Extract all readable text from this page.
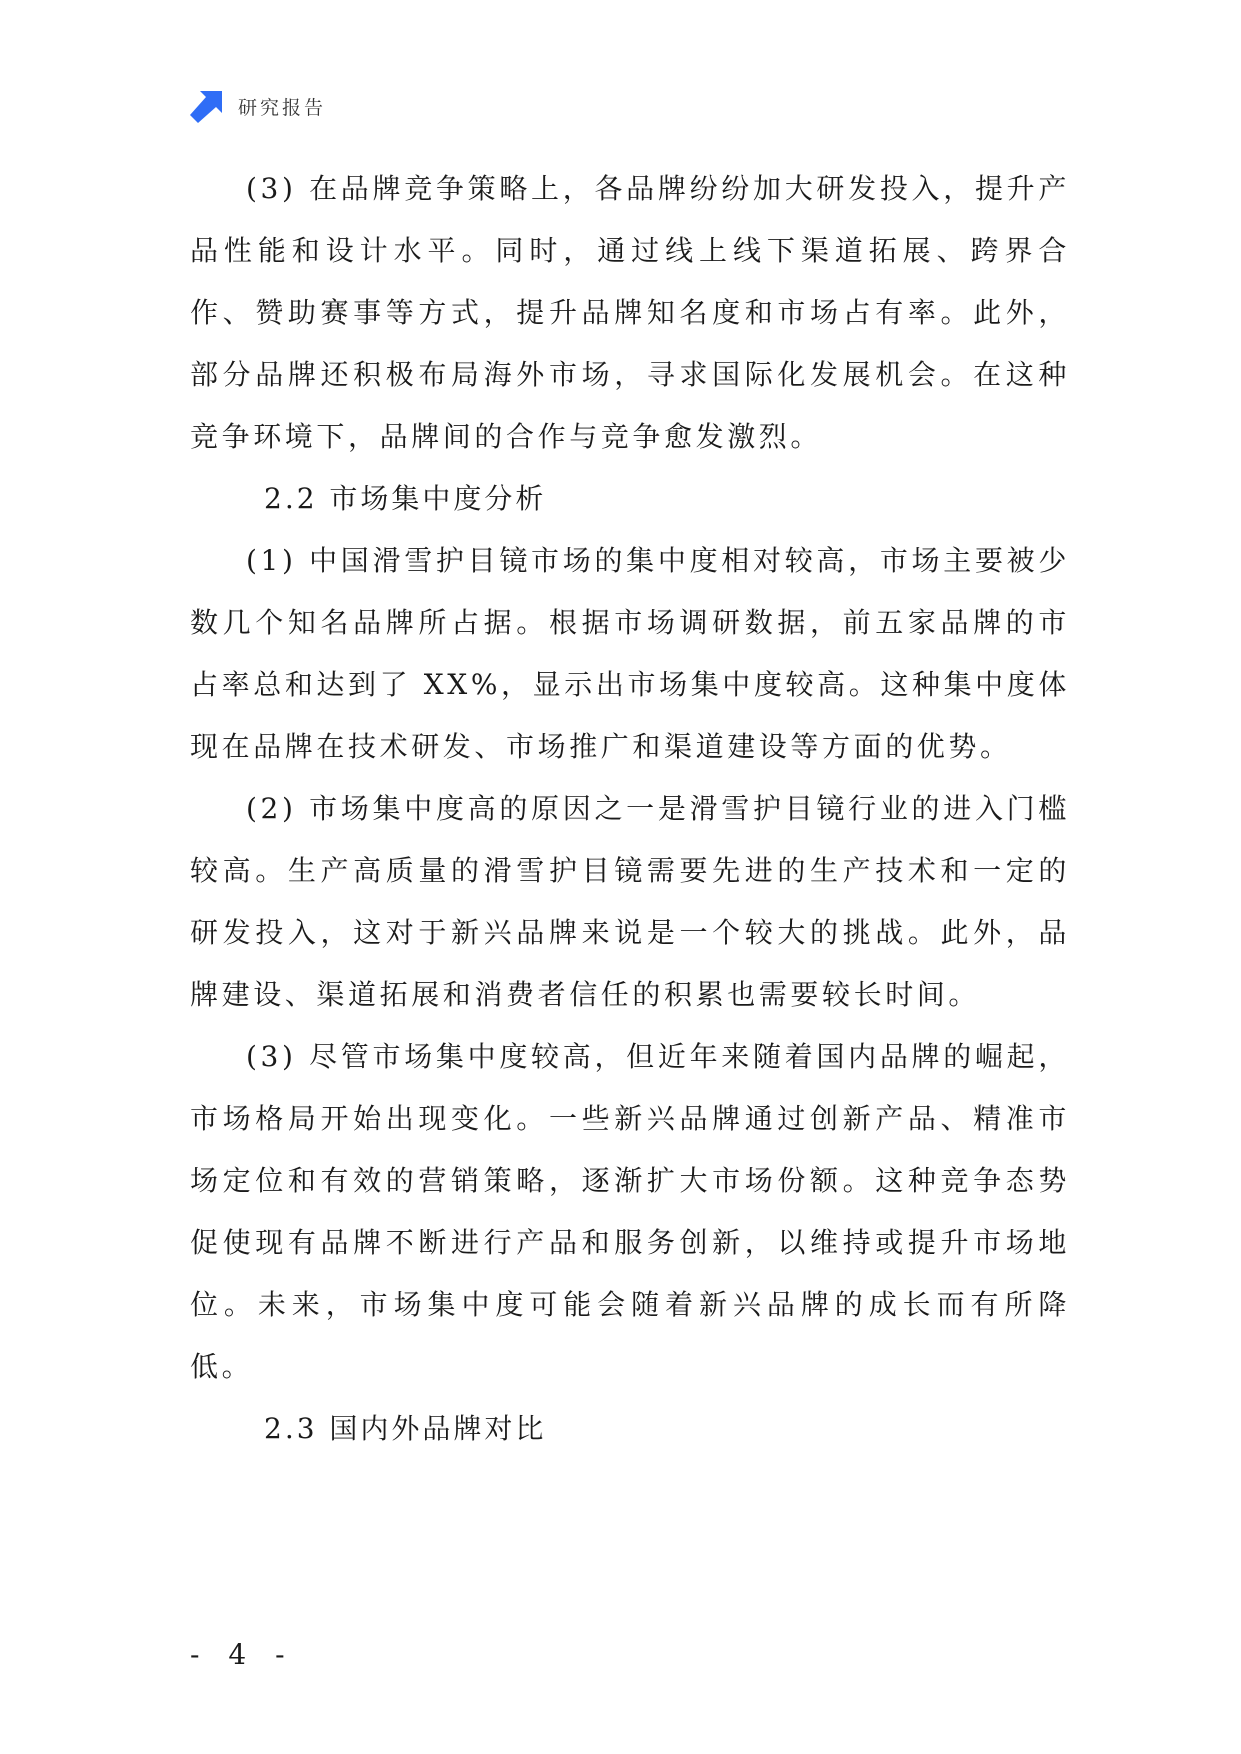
研究报告

(3) 在品牌竞争策略上，各品牌纷纷加大研发投入，提升产品性能和设计水平。同时，通过线上线下渠道拓展、跨界合作、赞助赛事等方式，提升品牌知名度和市场占有率。此外，部分品牌还积极布局海外市场，寻求国际化发展机会。在这种竞争环境下，品牌间的合作与竞争愈发激烈。

2.2 市场集中度分析

(1) 中国滑雪护目镜市场的集中度相对较高，市场主要被少数几个知名品牌所占据。根据市场调研数据，前五家品牌的市占率总和达到了 XX%，显示出市场集中度较高。这种集中度体现在品牌在技术研发、市场推广和渠道建设等方面的优势。

(2) 市场集中度高的原因之一是滑雪护目镜行业的进入门槛较高。生产高质量的滑雪护目镜需要先进的生产技术和一定的研发投入，这对于新兴品牌来说是一个较大的挑战。此外，品牌建设、渠道拓展和消费者信任的积累也需要较长时间。

(3) 尽管市场集中度较高，但近年来随着国内品牌的崛起，市场格局开始出现变化。一些新兴品牌通过创新产品、精准市场定位和有效的营销策略，逐渐扩大市场份额。这种竞争态势促使现有品牌不断进行产品和服务创新，以维持或提升市场地位。未来，市场集中度可能会随着新兴品牌的成长而有所降低。

2.3 国内外品牌对比

- 4 -
